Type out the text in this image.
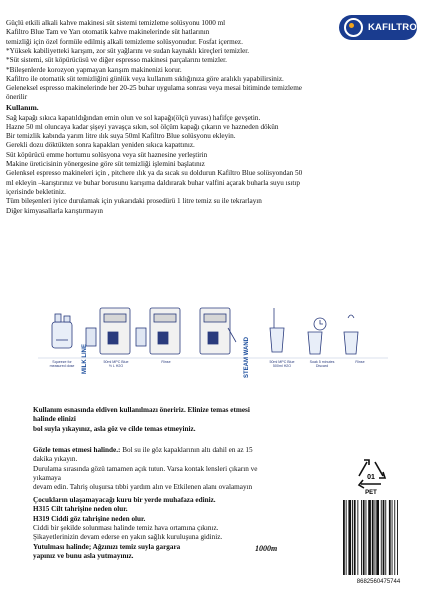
KAFILTRO
Güçlü etkili alkali kahve makinesi süt sistemi temizleme solüsyonu 1000 ml
Kafiltro Blue Tam ve Yarı otomatik kahve makinelerinde süt hatlarının
temizliği için özel formüle edilmiş alkali temizleme solüsyonudur. Fosfat içermez.
*Yüksek kabiliyetteki karışım, zor süt yağlarını ve sudan kaynaklı kireçleri temizler.
*Süt sistemi, süt köpürücüsü ve diğer espresso makinesi parçalarını temizler.
*Bileşenlerde korozyon yapmayan karışım makinenizi korur.
Kafiltro ile otomatik süt temizliğini günlük veya kullanım sıklığınıza göre aralıklı yapabilirsiniz.
Geleneksel espresso makinelerinde her 20-25 buhar uygulama sonrası veya mesai bitiminde temizleme
önerilir
Kullanım.
Sağ kapağı sıkıca kapatıldığından emin olun ve sol kapağı(ölçü yuvası) hafifçe gevşetin.
Hazne 50 ml oluncaya kadar şişeyi yavaşça sıkın, sol ölçüm kapağı çıkarın ve hazneden dökün
Bir temizlik kabında yarım litre ılık suya 50ml Kafiltro Blue solüsyonu ekleyin.
Gerekli dozu döktükten sonra kapakları yeniden sıkıca kapattınız.
Süt köpürücü emme hortumu solüsyona veya süt haznesine yerleştirin
Makine üreticisinin yönergesine göre süt temizliği işlemini başlatınız
Gelenksel espresso makineleri için , pitchere ılık ya da sıcak su doldurun Kafiltro Blue solüsyondan 50
ml ekleyin –karıştırınız ve buhar borusunu karışıma daldırarak buhar valfini açarak buharla suyu ısıtıp
içerisinde bekletiniz.
Tüm bileşenleri iyice durulamak için yukarıdaki prosedürü 1 litre temiz su ile tekrarlayın
Diğer kimyasallarla karıştırmayın
MILK LINE	STEAM WAND
Squeeze for
measured dose
50ml MPC Blue
½ L H2O
Rinse	50ml MPC Blue
500ml H2O
Soak 5 minutes
Discard
Rinse
Kullanım esnasında eldiven kullanılmazı öneririz. Elinize temas etmesi
halinde elinizi
bol suyla yıkayınız, asla göz ve cilde temas etmeyiniz.
Gözle temas etmesi halinde.: Bol su ile göz kapaklarının altı dahil en az 15
dakika yıkayın.
Durulama sırasında gözü tamamen açık tutun. Varsa kontak lensleri çıkarın ve
yıkamaya
devam edin. Tahriş oluşursa tıbbi yardım alın ve Etkilenen alanı ovalamayın
Çocukların ulaşamayacağı kuru bir yerde muhafaza ediniz.
H315 Cilt tahrişine neden olur.
H319 Ciddi göz tahrişine neden olur.
Ciddi bir şekilde solunması halinde temiz hava ortamına çıkınız.
Şikayetlerinizin devam ederse en yakın sağlık kuruluşuna gidiniz.
Yutulması halinde; Ağzınızı temiz suyla gargara
yapınız ve bunu asla yutmayınız.
01
PET
1000m
8682560475744
